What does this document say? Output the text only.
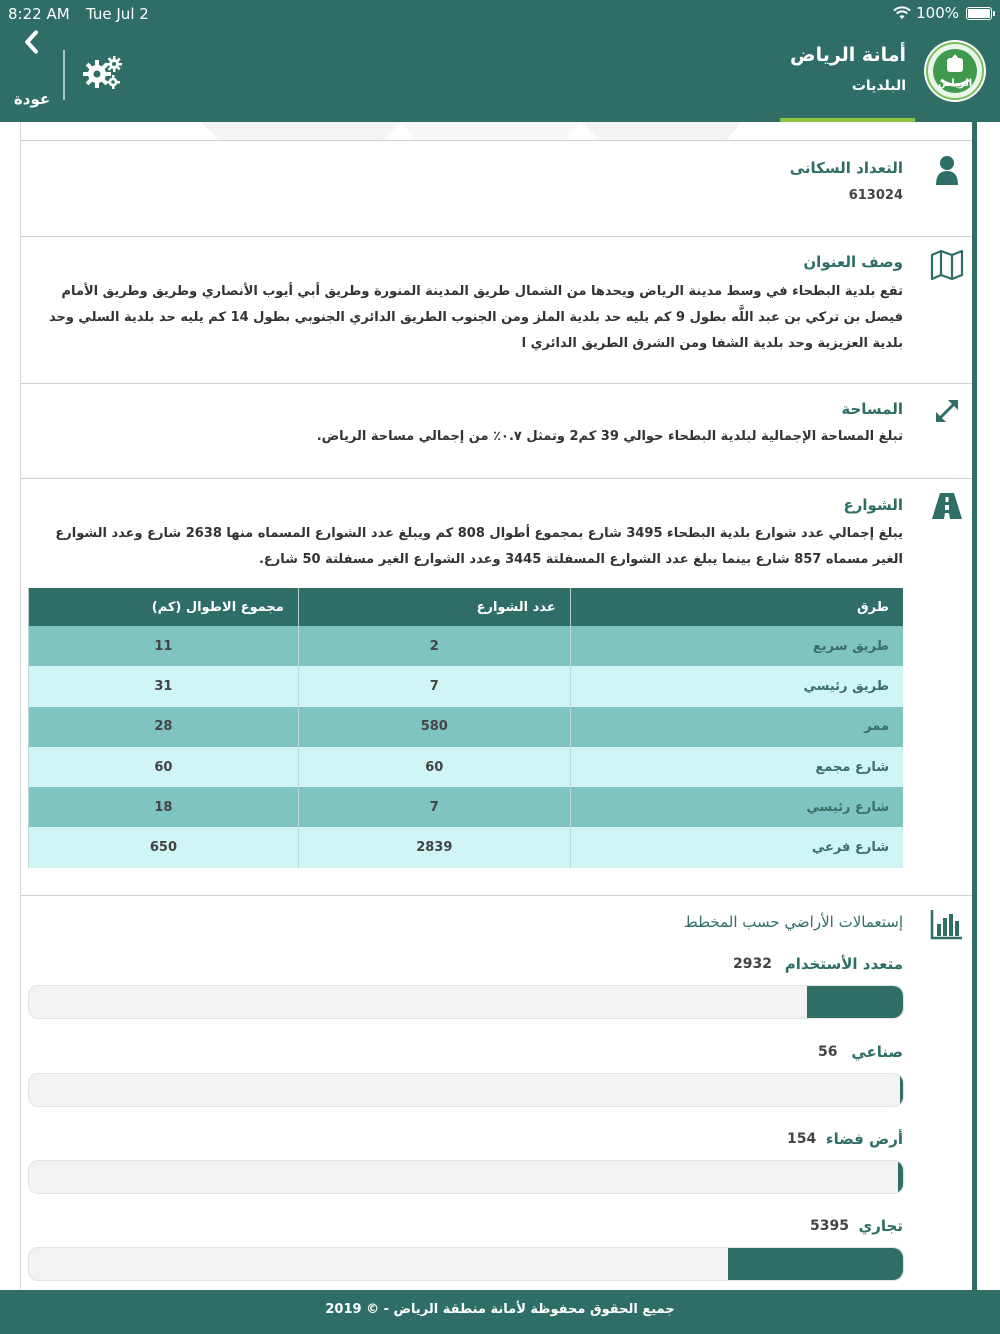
8:22 AM Tue Jul 2	100%
عودة
الرياض
أمانة الرياض
البلديات
التعداد السكانى
613024
وصف العنوان
تقع بلدية البطحاء في وسط مدينة الرياض ويحدها من الشمال طريق المدينة المنورة وطريق أبي أيوب الأنصاري وطريق وطريق الأمام فيصل بن تركي بن عبد اللَّه بطول 9 كم يليه حد بلدية الملز ومن الجنوب الطريق الدائري الجنوبي بطول 14 كم يليه حد بلدية السلي وحد بلدية العزيزية وحد بلدية الشفا ومن الشرق الطريق الدائري ا
المساحة
تبلغ المساحة الإجمالية لبلدية البطحاء حوالي 39 كم2 وتمثل ٠.٧٪ من إجمالي مساحة الرياض.
الشوارع
يبلغ إجمالي عدد شوارع بلدية البطحاء 3495 شارع بمجموع أطوال 808 كم ويبلغ عدد الشوارع المسماه منها 2638 شارع وعدد الشوارع الغير مسماه 857 شارع بينما يبلغ عدد الشوارع المسفلتة 3445 وعدد الشوارع الغير مسفلتة 50 شارع.
طرق	عدد الشوارع	مجموع الاطوال (كم)
طريق سريع	2	11
طريق رئيسي	7	31
ممر	580	28
شارع مجمع	60	60
شارع رئيسي	7	18
شارع فرعي	2839	650
إستعمالات الأراضي حسب المخطط
متعدد الأستخدام
2932
صناعي
56
أرض فضاء
154
تجاري
5395
جميع الحقوق محفوظة لأمانة منطقة الرياض - © 2019
